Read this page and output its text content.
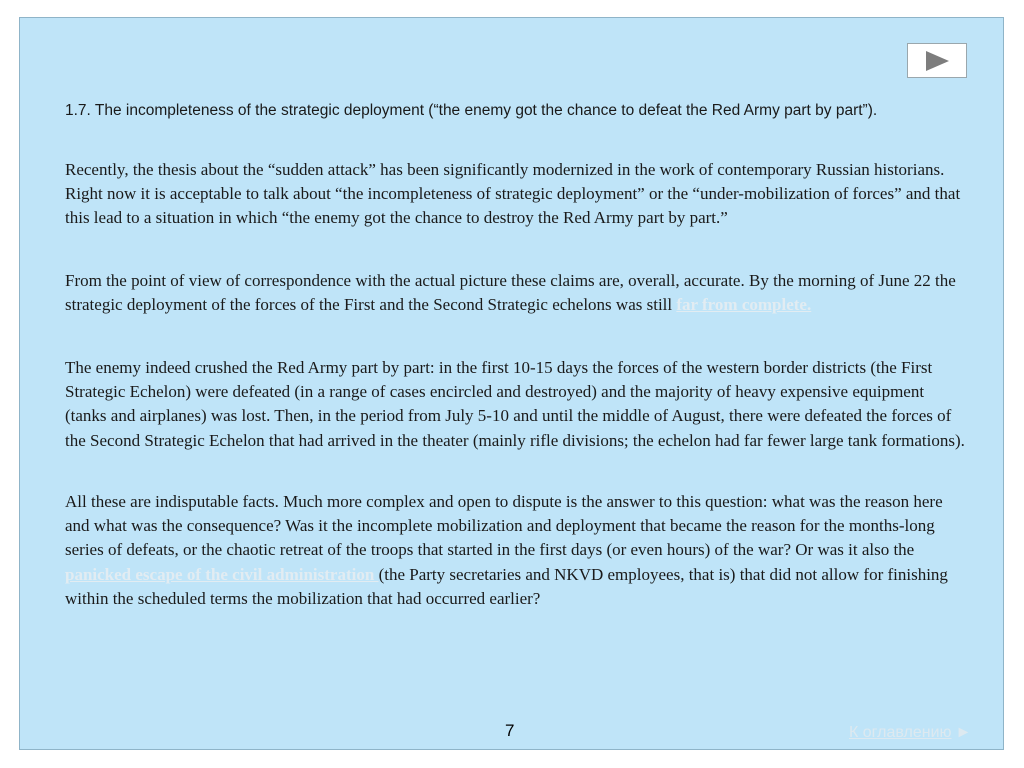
1.7. The incompleteness of the strategic deployment (“the enemy got the chance to defeat the Red Army part by part”).

Recently, the thesis about the “sudden attack” has been significantly modernized in the work of contemporary Russian historians. Right now it is acceptable to talk about “the incompleteness of strategic deployment” or the “under-mobilization of forces” and that this lead to a situation in which “the enemy got the chance to destroy the Red Army part by part.”

From the point of view of correspondence with the actual picture these claims are, overall, accurate. By the morning of June 22 the strategic deployment of the forces of the First and the Second Strategic echelons was still far from complete.

The enemy indeed crushed the Red Army part by part: in the first 10-15 days the forces of the western border districts (the First Strategic Echelon) were defeated (in a range of cases encircled and destroyed) and the majority of heavy expensive equipment (tanks and airplanes) was lost. Then, in the period from July 5-10 and until the middle of August, there were defeated the forces of the Second Strategic Echelon that had arrived in the theater (mainly rifle divisions; the echelon had far fewer large tank formations).

All these are indisputable facts. Much more complex and open to dispute is the answer to this question: what was the reason here and what was the consequence? Was it the incomplete mobilization and deployment that became the reason for the months-long series of defeats, or the chaotic retreat of the troops that started in the first days (or even hours) of the war? Or was it also the panicked escape of the civil administration (the Party secretaries and NKVD employees, that is) that did not allow for finishing within the scheduled terms the mobilization that had occurred earlier?

7	К оглавлению ►
